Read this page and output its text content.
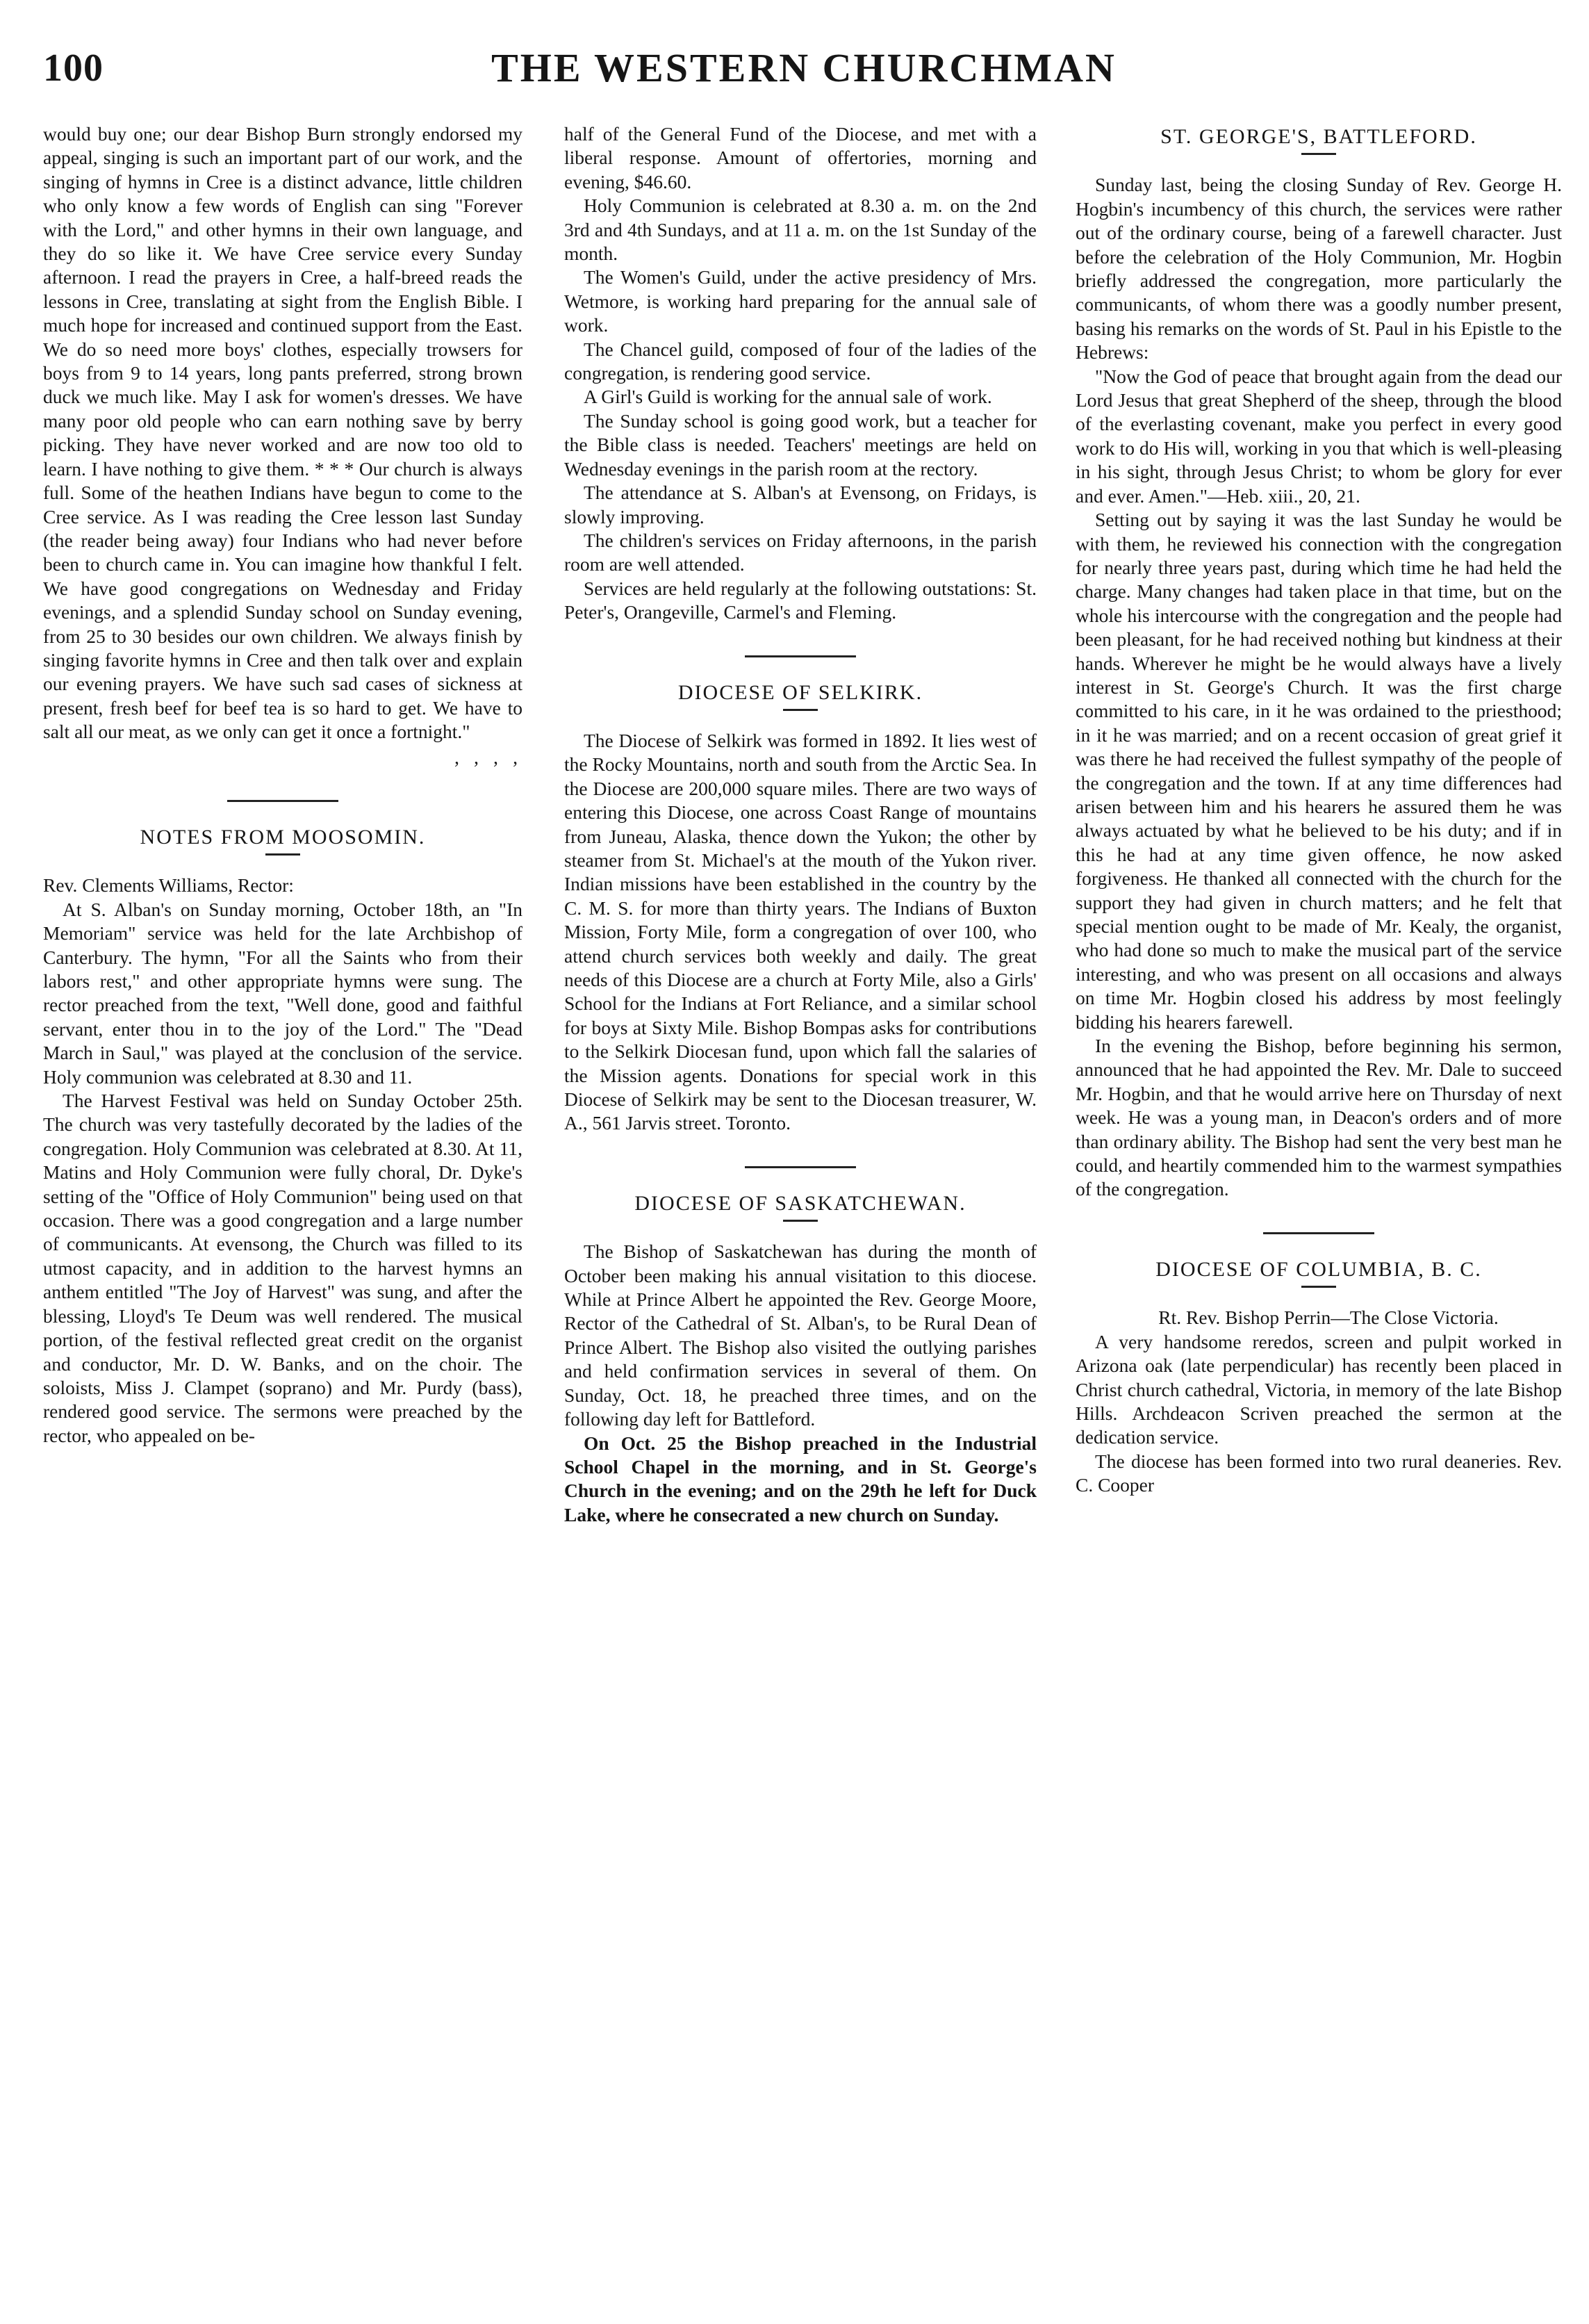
100	THE WESTERN CHURCHMAN

would buy one; our dear Bishop Burn strongly endorsed my appeal, singing is such an important part of our work, and the singing of hymns in Cree is a distinct advance, little children who only know a few words of English can sing "Forever with the Lord," and other hymns in their own language, and they do so like it. We have Cree service every Sunday afternoon. I read the prayers in Cree, a half-breed reads the lessons in Cree, translating at sight from the English Bible. I much hope for increased and continued support from the East. We do so need more boys' clothes, especially trowsers for boys from 9 to 14 years, long pants preferred, strong brown duck we much like. May I ask for women's dresses. We have many poor old people who can earn nothing save by berry picking. They have never worked and are now too old to learn. I have nothing to give them. * * * Our church is always full. Some of the heathen Indians have begun to come to the Cree service. As I was reading the Cree lesson last Sunday (the reader being away) four Indians who had never before been to church came in. You can imagine how thankful I felt. We have good congregations on Wednesday and Friday evenings, and a splendid Sunday school on Sunday evening, from 25 to 30 besides our own children. We always finish by singing favorite hymns in Cree and then talk over and explain our evening prayers. We have such sad cases of sickness at present, fresh beef for beef tea is so hard to get. We have to salt all our meat, as we only can get it once a fortnight."

‚ ‚ ‚ ‚

NOTES FROM MOOSOMIN.

Rev. Clements Williams, Rector:

At S. Alban's on Sunday morning, October 18th, an "In Memoriam" service was held for the late Archbishop of Canterbury. The hymn, "For all the Saints who from their labors rest," and other appropriate hymns were sung. The rector preached from the text, "Well done, good and faithful servant, enter thou in to the joy of the Lord." The "Dead March in Saul," was played at the conclusion of the service. Holy communion was celebrated at 8.30 and 11.

The Harvest Festival was held on Sunday October 25th. The church was very tastefully decorated by the ladies of the congregation. Holy Communion was celebrated at 8.30. At 11, Matins and Holy Communion were fully choral, Dr. Dyke's setting of the "Office of Holy Communion" being used on that occasion. There was a good congregation and a large number of communicants. At evensong, the Church was filled to its utmost capacity, and in addition to the harvest hymns an anthem entitled "The Joy of Harvest" was sung, and after the blessing, Lloyd's Te Deum was well rendered. The musical portion, of the festival reflected great credit on the organist and conductor, Mr. D. W. Banks, and on the choir. The soloists, Miss J. Clampet (soprano) and Mr. Purdy (bass), rendered good service. The sermons were preached by the rector, who appealed on be-

half of the General Fund of the Diocese, and met with a liberal response. Amount of offertories, morning and evening, $46.60.

Holy Communion is celebrated at 8.30 a. m. on the 2nd 3rd and 4th Sundays, and at 11 a. m. on the 1st Sunday of the month.

The Women's Guild, under the active presidency of Mrs. Wetmore, is working hard preparing for the annual sale of work.

The Chancel guild, composed of four of the ladies of the congregation, is rendering good service.

A Girl's Guild is working for the annual sale of work.

The Sunday school is going good work, but a teacher for the Bible class is needed. Teachers' meetings are held on Wednesday evenings in the parish room at the rectory.

The attendance at S. Alban's at Evensong, on Fridays, is slowly improving.

The children's services on Friday afternoons, in the parish room are well attended.

Services are held regularly at the following outstations: St. Peter's, Orangeville, Carmel's and Fleming.

DIOCESE OF SELKIRK.

The Diocese of Selkirk was formed in 1892. It lies west of the Rocky Mountains, north and south from the Arctic Sea. In the Diocese are 200,000 square miles. There are two ways of entering this Diocese, one across Coast Range of mountains from Juneau, Alaska, thence down the Yukon; the other by steamer from St. Michael's at the mouth of the Yukon river. Indian missions have been established in the country by the C. M. S. for more than thirty years. The Indians of Buxton Mission, Forty Mile, form a congregation of over 100, who attend church services both weekly and daily. The great needs of this Diocese are a church at Forty Mile, also a Girls' School for the Indians at Fort Reliance, and a similar school for boys at Sixty Mile. Bishop Bompas asks for contributions to the Selkirk Diocesan fund, upon which fall the salaries of the Mission agents. Donations for special work in this Diocese of Selkirk may be sent to the Diocesan treasurer, W. A., 561 Jarvis street. Toronto.

DIOCESE OF SASKATCHEWAN.

The Bishop of Saskatchewan has during the month of October been making his annual visitation to this diocese. While at Prince Albert he appointed the Rev. George Moore, Rector of the Cathedral of St. Alban's, to be Rural Dean of Prince Albert. The Bishop also visited the outlying parishes and held confirmation services in several of them. On Sunday, Oct. 18, he preached three times, and on the following day left for Battleford.

On Oct. 25 the Bishop preached in the Industrial School Chapel in the morning, and in St. George's Church in the evening; and on the 29th he left for Duck Lake, where he consecrated a new church on Sunday.

ST. GEORGE'S, BATTLEFORD.

Sunday last, being the closing Sunday of Rev. George H. Hogbin's incumbency of this church, the services were rather out of the ordinary course, being of a farewell character. Just before the celebration of the Holy Communion, Mr. Hogbin briefly addressed the congregation, more particularly the communicants, of whom there was a goodly number present, basing his remarks on the words of St. Paul in his Epistle to the Hebrews:

"Now the God of peace that brought again from the dead our Lord Jesus that great Shepherd of the sheep, through the blood of the everlasting covenant, make you perfect in every good work to do His will, working in you that which is well-pleasing in his sight, through Jesus Christ; to whom be glory for ever and ever. Amen."—Heb. xiii., 20, 21.

Setting out by saying it was the last Sunday he would be with them, he reviewed his connection with the congregation for nearly three years past, during which time he had held the charge. Many changes had taken place in that time, but on the whole his intercourse with the congregation and the people had been pleasant, for he had received nothing but kindness at their hands. Wherever he might be he would always have a lively interest in St. George's Church. It was the first charge committed to his care, in it he was ordained to the priesthood; in it he was married; and on a recent occasion of great grief it was there he had received the fullest sympathy of the people of the congregation and the town. If at any time differences had arisen between him and his hearers he assured them he was always actuated by what he believed to be his duty; and if in this he had at any time given offence, he now asked forgiveness. He thanked all connected with the church for the support they had given in church matters; and he felt that special mention ought to be made of Mr. Kealy, the organist, who had done so much to make the musical part of the service interesting, and who was present on all occasions and always on time Mr. Hogbin closed his address by most feelingly bidding his hearers farewell.

In the evening the Bishop, before beginning his sermon, announced that he had appointed the Rev. Mr. Dale to succeed Mr. Hogbin, and that he would arrive here on Thursday of next week. He was a young man, in Deacon's orders and of more than ordinary ability. The Bishop had sent the very best man he could, and heartily commended him to the warmest sympathies of the congregation.

DIOCESE OF COLUMBIA, B. C.

Rt. Rev. Bishop Perrin—The Close Victoria.

A very handsome reredos, screen and pulpit worked in Arizona oak (late perpendicular) has recently been placed in Christ church cathedral, Victoria, in memory of the late Bishop Hills. Archdeacon Scriven preached the sermon at the dedication service.

The diocese has been formed into two rural deaneries. Rev. C. Cooper
